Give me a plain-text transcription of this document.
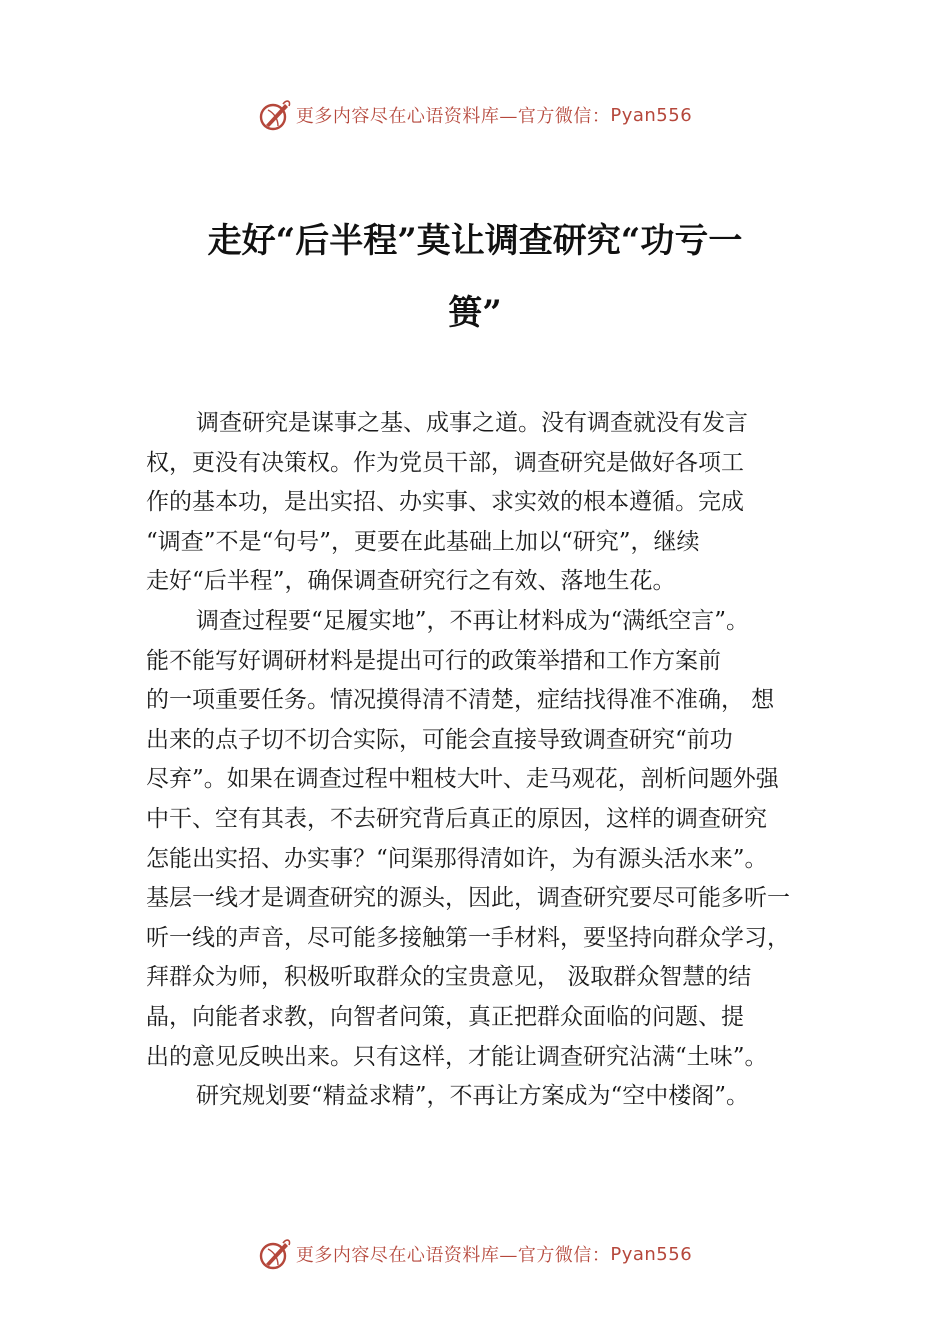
更多内容尽在心语资料库—官方微信： Pyan556
走好“后半程”莫让调查研究“功亏一
篑”
调查研究是谋事之基、成事之道。没有调查就没有发言
权，更没有决策权。作为党员干部，调查研究是做好各项工
作的基本功，是出实招、办实事、求实效的根本遵循。完成
“调查”不是“句号”，更要在此基础上加以“研究”，继续
走好“后半程”，确保调查研究行之有效、落地生花。
调查过程要“足履实地”，不再让材料成为“满纸空言”。
能不能写好调研材料是提出可行的政策举措和工作方案前
的一项重要任务。情况摸得清不清楚，症结找得准不准确， 想
出来的点子切不切合实际，可能会直接导致调查研究“前功
尽弃”。如果在调查过程中粗枝大叶、走马观花，剖析问题外强
中干、空有其表，不去研究背后真正的原因，这样的调查研究
怎能出实招、办实事？“问渠那得清如许，为有源头活水来”。
基层一线才是调查研究的源头，因此，调查研究要尽可能多听一
听一线的声音，尽可能多接触第一手材料，要坚持向群众学习，
拜群众为师，积极听取群众的宝贵意见， 汲取群众智慧的结
晶，向能者求教，向智者问策，真正把群众面临的问题、提
出的意见反映出来。只有这样，才能让调查研究沾满“土味”。
研究规划要“精益求精”，不再让方案成为“空中楼阁”。
更多内容尽在心语资料库—官方微信： Pyan556
